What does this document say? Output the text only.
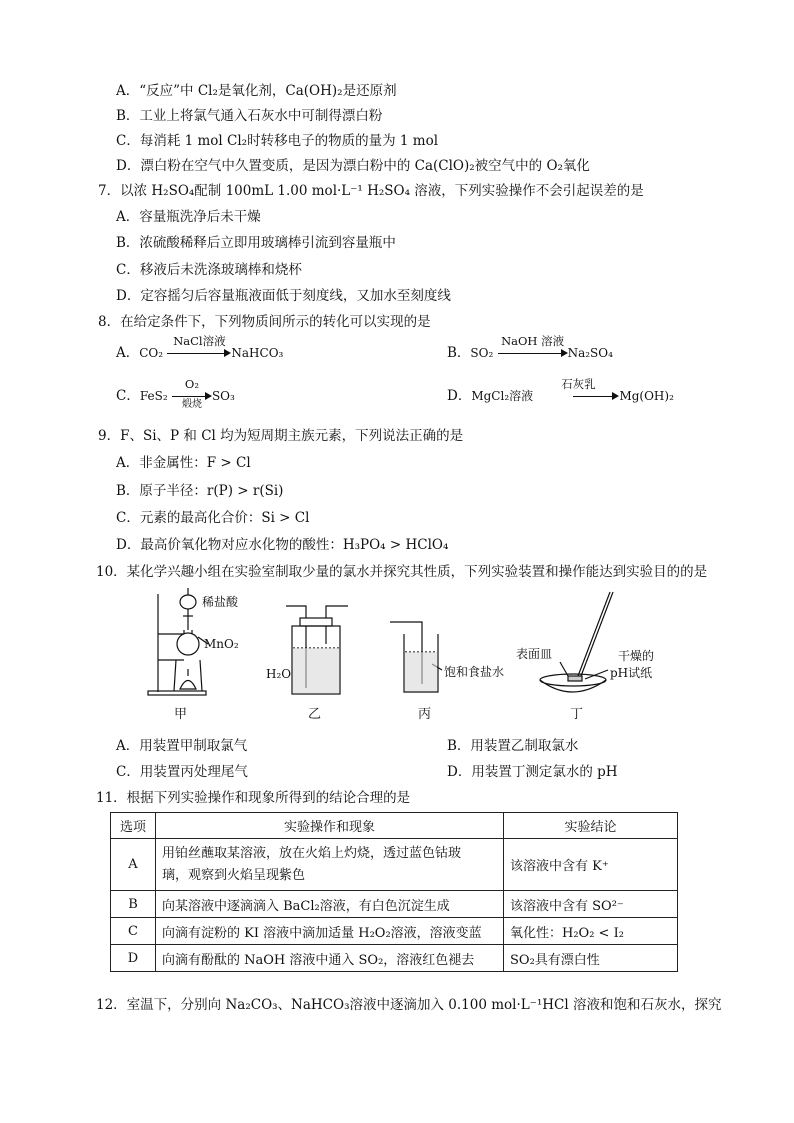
A．“反应”中 Cl₂是氧化剂，Ca(OH)₂是还原剂
B．工业上将氯气通入石灰水中可制得漂白粉
C．每消耗 1 mol Cl₂时转移电子的物质的量为 1 mol
D．漂白粉在空气中久置变质，是因为漂白粉中的 Ca(ClO)₂被空气中的 O₂氧化
7．以浓 H₂SO₄配制 100mL 1.00 mol·L⁻¹ H₂SO₄ 溶液，下列实验操作不会引起误差的是
A．容量瓶洗净后未干燥
B．浓硫酸稀释后立即用玻璃棒引流到容量瓶中
C．移液后未洗涤玻璃棒和烧杯
D．定容摇匀后容量瓶液面低于刻度线，又加水至刻度线
8．在给定条件下，下列物质间所示的转化可以实现的是
A．CO₂
NaCl溶液
NaHCO₃	B．SO₂
NaOH 溶液
Na₂SO₄
C．FeS₂
O₂
煅烧
SO₃	D．MgCl₂溶液
石灰乳
Mg(OH)₂
9．F、Si、P 和 Cl 均为短周期主族元素，下列说法正确的是
A．非金属性：F > Cl
B．原子半径：r(P) > r(Si)
C．元素的最高化合价：Si > Cl
D．最高价氧化物对应水化物的酸性：H₃PO₄ > HClO₄
10．某化学兴趣小组在实验室制取少量的氯水并探究其性质，下列实验装置和操作能达到实验目的的是
稀盐酸
MnO₂
H₂O	饱和食盐水
表面皿	干燥的
pH试纸
甲	乙	丙	丁
A．用装置甲制取氯气	B．用装置乙制取氯水
C．用装置丙处理尾气	D．用装置丁测定氯水的 pH
11．根据下列实验操作和现象所得到的结论合理的是
选项	实验操作和现象	实验结论
A	用铂丝蘸取某溶液，放在火焰上灼烧，透过蓝色钴玻
璃，观察到火焰呈现紫色	该溶液中含有 K⁺
B	向某溶液中逐滴滴入 BaCl₂溶液，有白色沉淀生成	该溶液中含有 SO²⁻
C	向滴有淀粉的 KI 溶液中滴加适量 H₂O₂溶液，溶液变蓝	氧化性：H₂O₂ < I₂
D	向滴有酚酞的 NaOH 溶液中通入 SO₂，溶液红色褪去	SO₂具有漂白性
12．室温下，分别向 Na₂CO₃、NaHCO₃溶液中逐滴加入 0.100 mol·L⁻¹HCl 溶液和饱和石灰水，探究
